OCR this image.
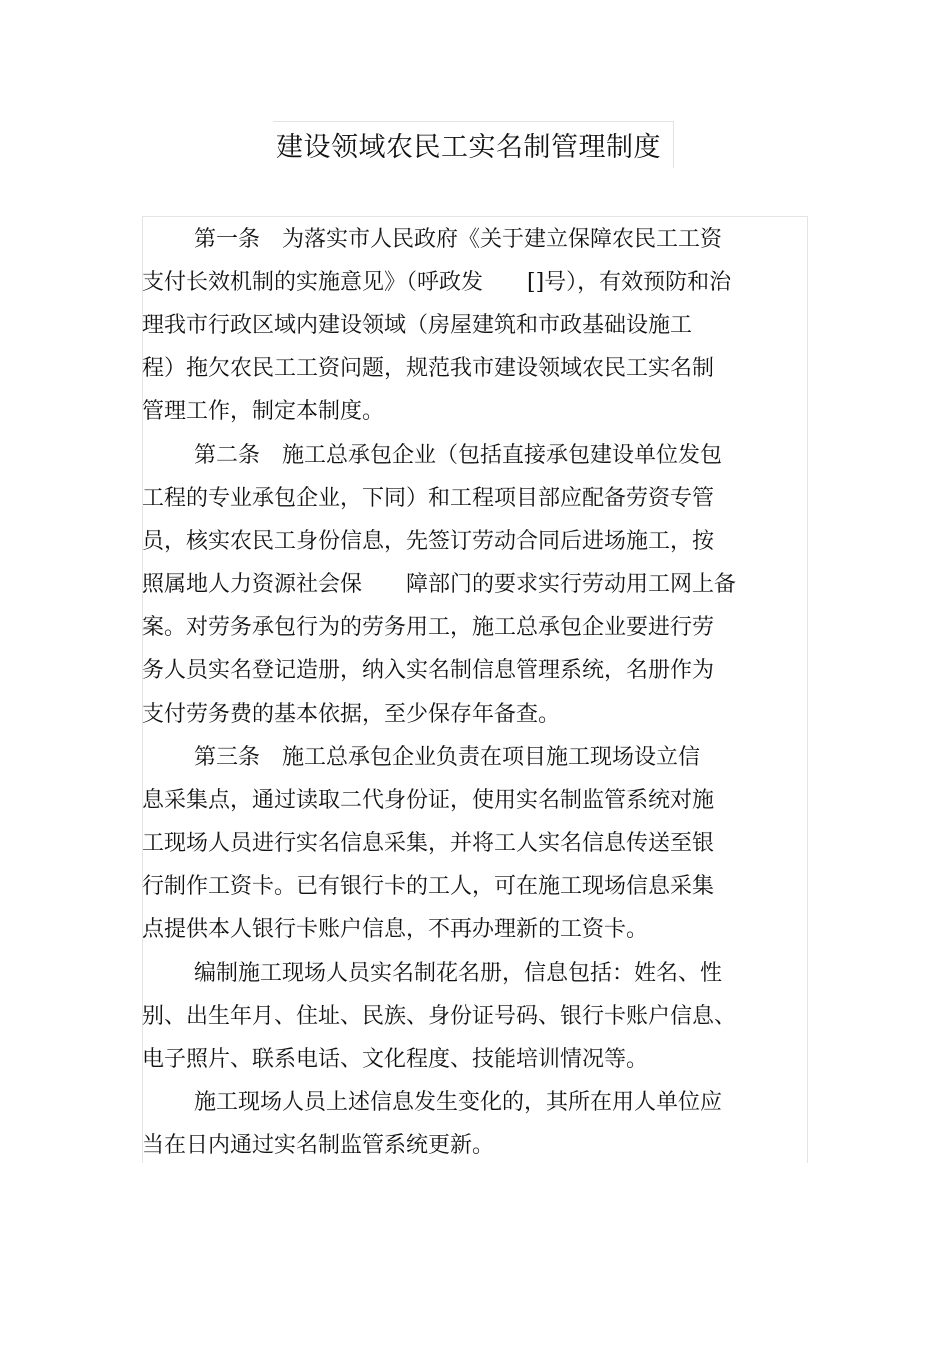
建设领域农民工实名制管理制度
第一条　为落实市人民政府《关于建立保障农民工工资
支付长效机制的实施意见》（呼政发　　[]号），有效预防和治
理我市行政区域内建设领域（房屋建筑和市政基础设施工
程）拖欠农民工工资问题，规范我市建设领域农民工实名制
管理工作，制定本制度。
第二条　施工总承包企业（包括直接承包建设单位发包
工程的专业承包企业，下同）和工程项目部应配备劳资专管
员，核实农民工身份信息，先签订劳动合同后进场施工，按
照属地人力资源社会保　　障部门的要求实行劳动用工网上备
案。对劳务承包行为的劳务用工，施工总承包企业要进行劳
务人员实名登记造册，纳入实名制信息管理系统，名册作为
支付劳务费的基本依据，至少保存年备查。
第三条　施工总承包企业负责在项目施工现场设立信
息采集点，通过读取二代身份证，使用实名制监管系统对施
工现场人员进行实名信息采集，并将工人实名信息传送至银
行制作工资卡。已有银行卡的工人，可在施工现场信息采集
点提供本人银行卡账户信息，不再办理新的工资卡。
编制施工现场人员实名制花名册，信息包括：姓名、性
别、出生年月、住址、民族、身份证号码、银行卡账户信息、
电子照片、联系电话、文化程度、技能培训情况等。
施工现场人员上述信息发生变化的，其所在用人单位应
当在日内通过实名制监管系统更新。
